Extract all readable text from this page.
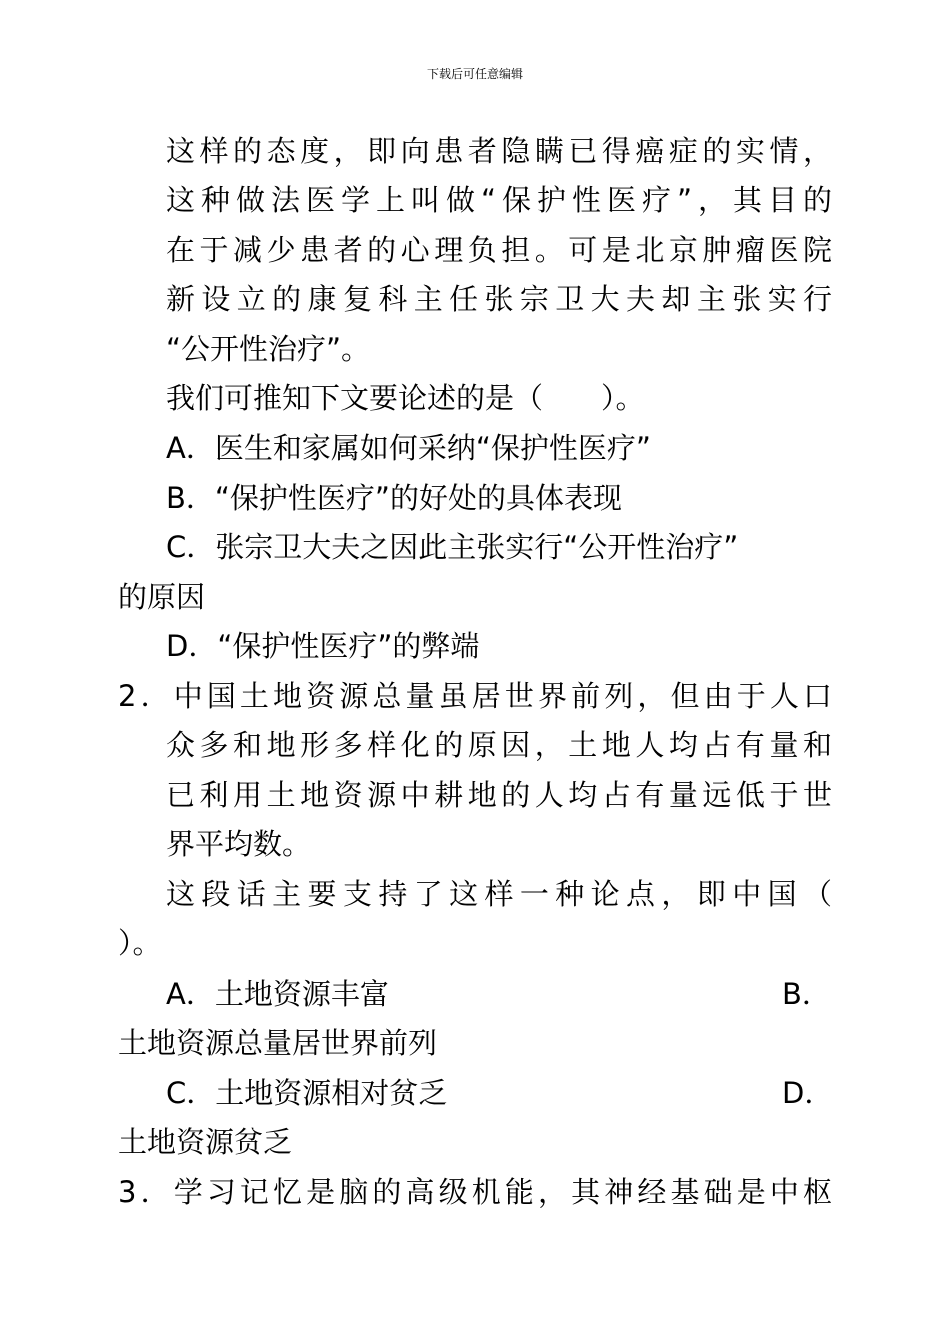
下载后可任意编辑
这样的态度，即向患者隐瞒已得癌症的实情，
这种做法医学上叫做“保护性医疗”，其目的
在于减少患者的心理负担。可是北京肿瘤医院
新设立的康复科主任张宗卫大夫却主张实行
“公开性治疗”。
我们可推知下文要论述的是（　　）。
A．医生和家属如何采纳“保护性医疗”
B．“保护性医疗”的好处的具体表现
C．张宗卫大夫之因此主张实行“公开性治疗”
的原因
D．“保护性医疗”的弊端
2．中国土地资源总量虽居世界前列，但由于人口
众多和地形多样化的原因，土地人均占有量和
已利用土地资源中耕地的人均占有量远低于世
界平均数。
这段话主要支持了这样一种论点，即中国（
）。
A．土地资源丰富	B．
土地资源总量居世界前列
C．土地资源相对贫乏	D．
土地资源贫乏
3．学习记忆是脑的高级机能，其神经基础是中枢
